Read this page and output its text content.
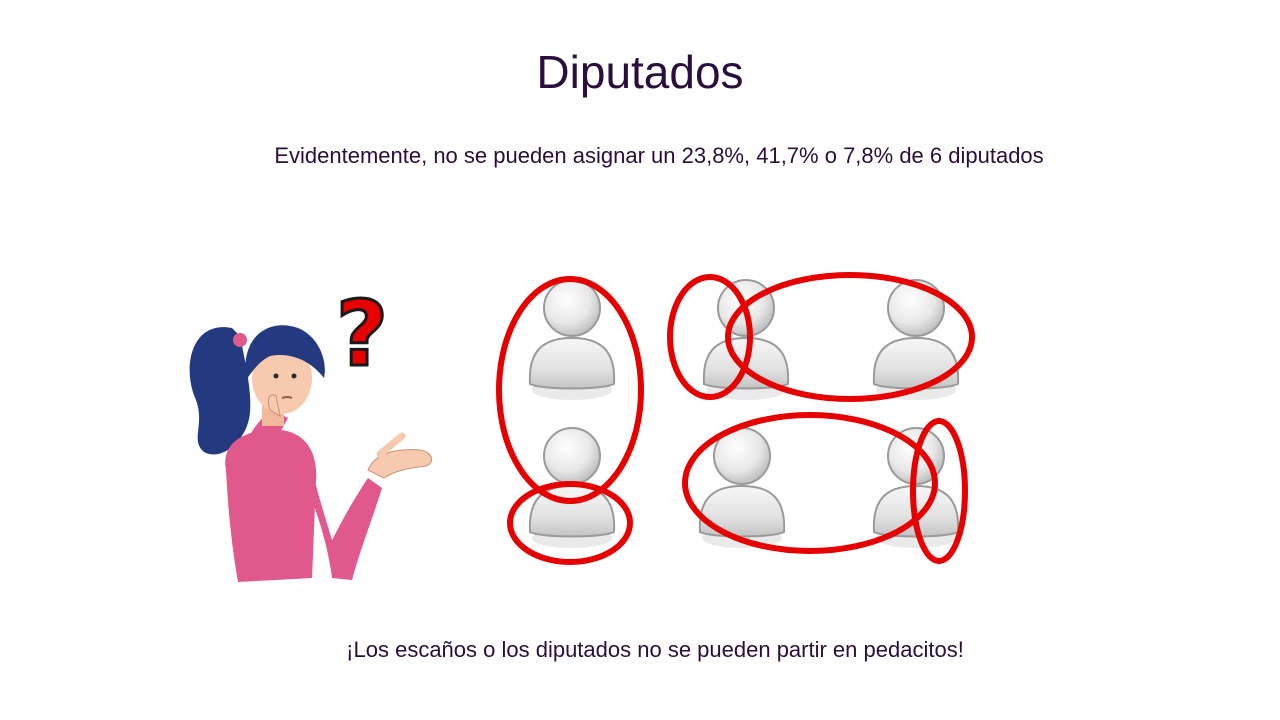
Diputados
Evidentemente, no se pueden asignar un 23,8%, 41,7% o 7,8% de 6 diputados
?
¡Los escaños o los diputados no se pueden partir en pedacitos!
